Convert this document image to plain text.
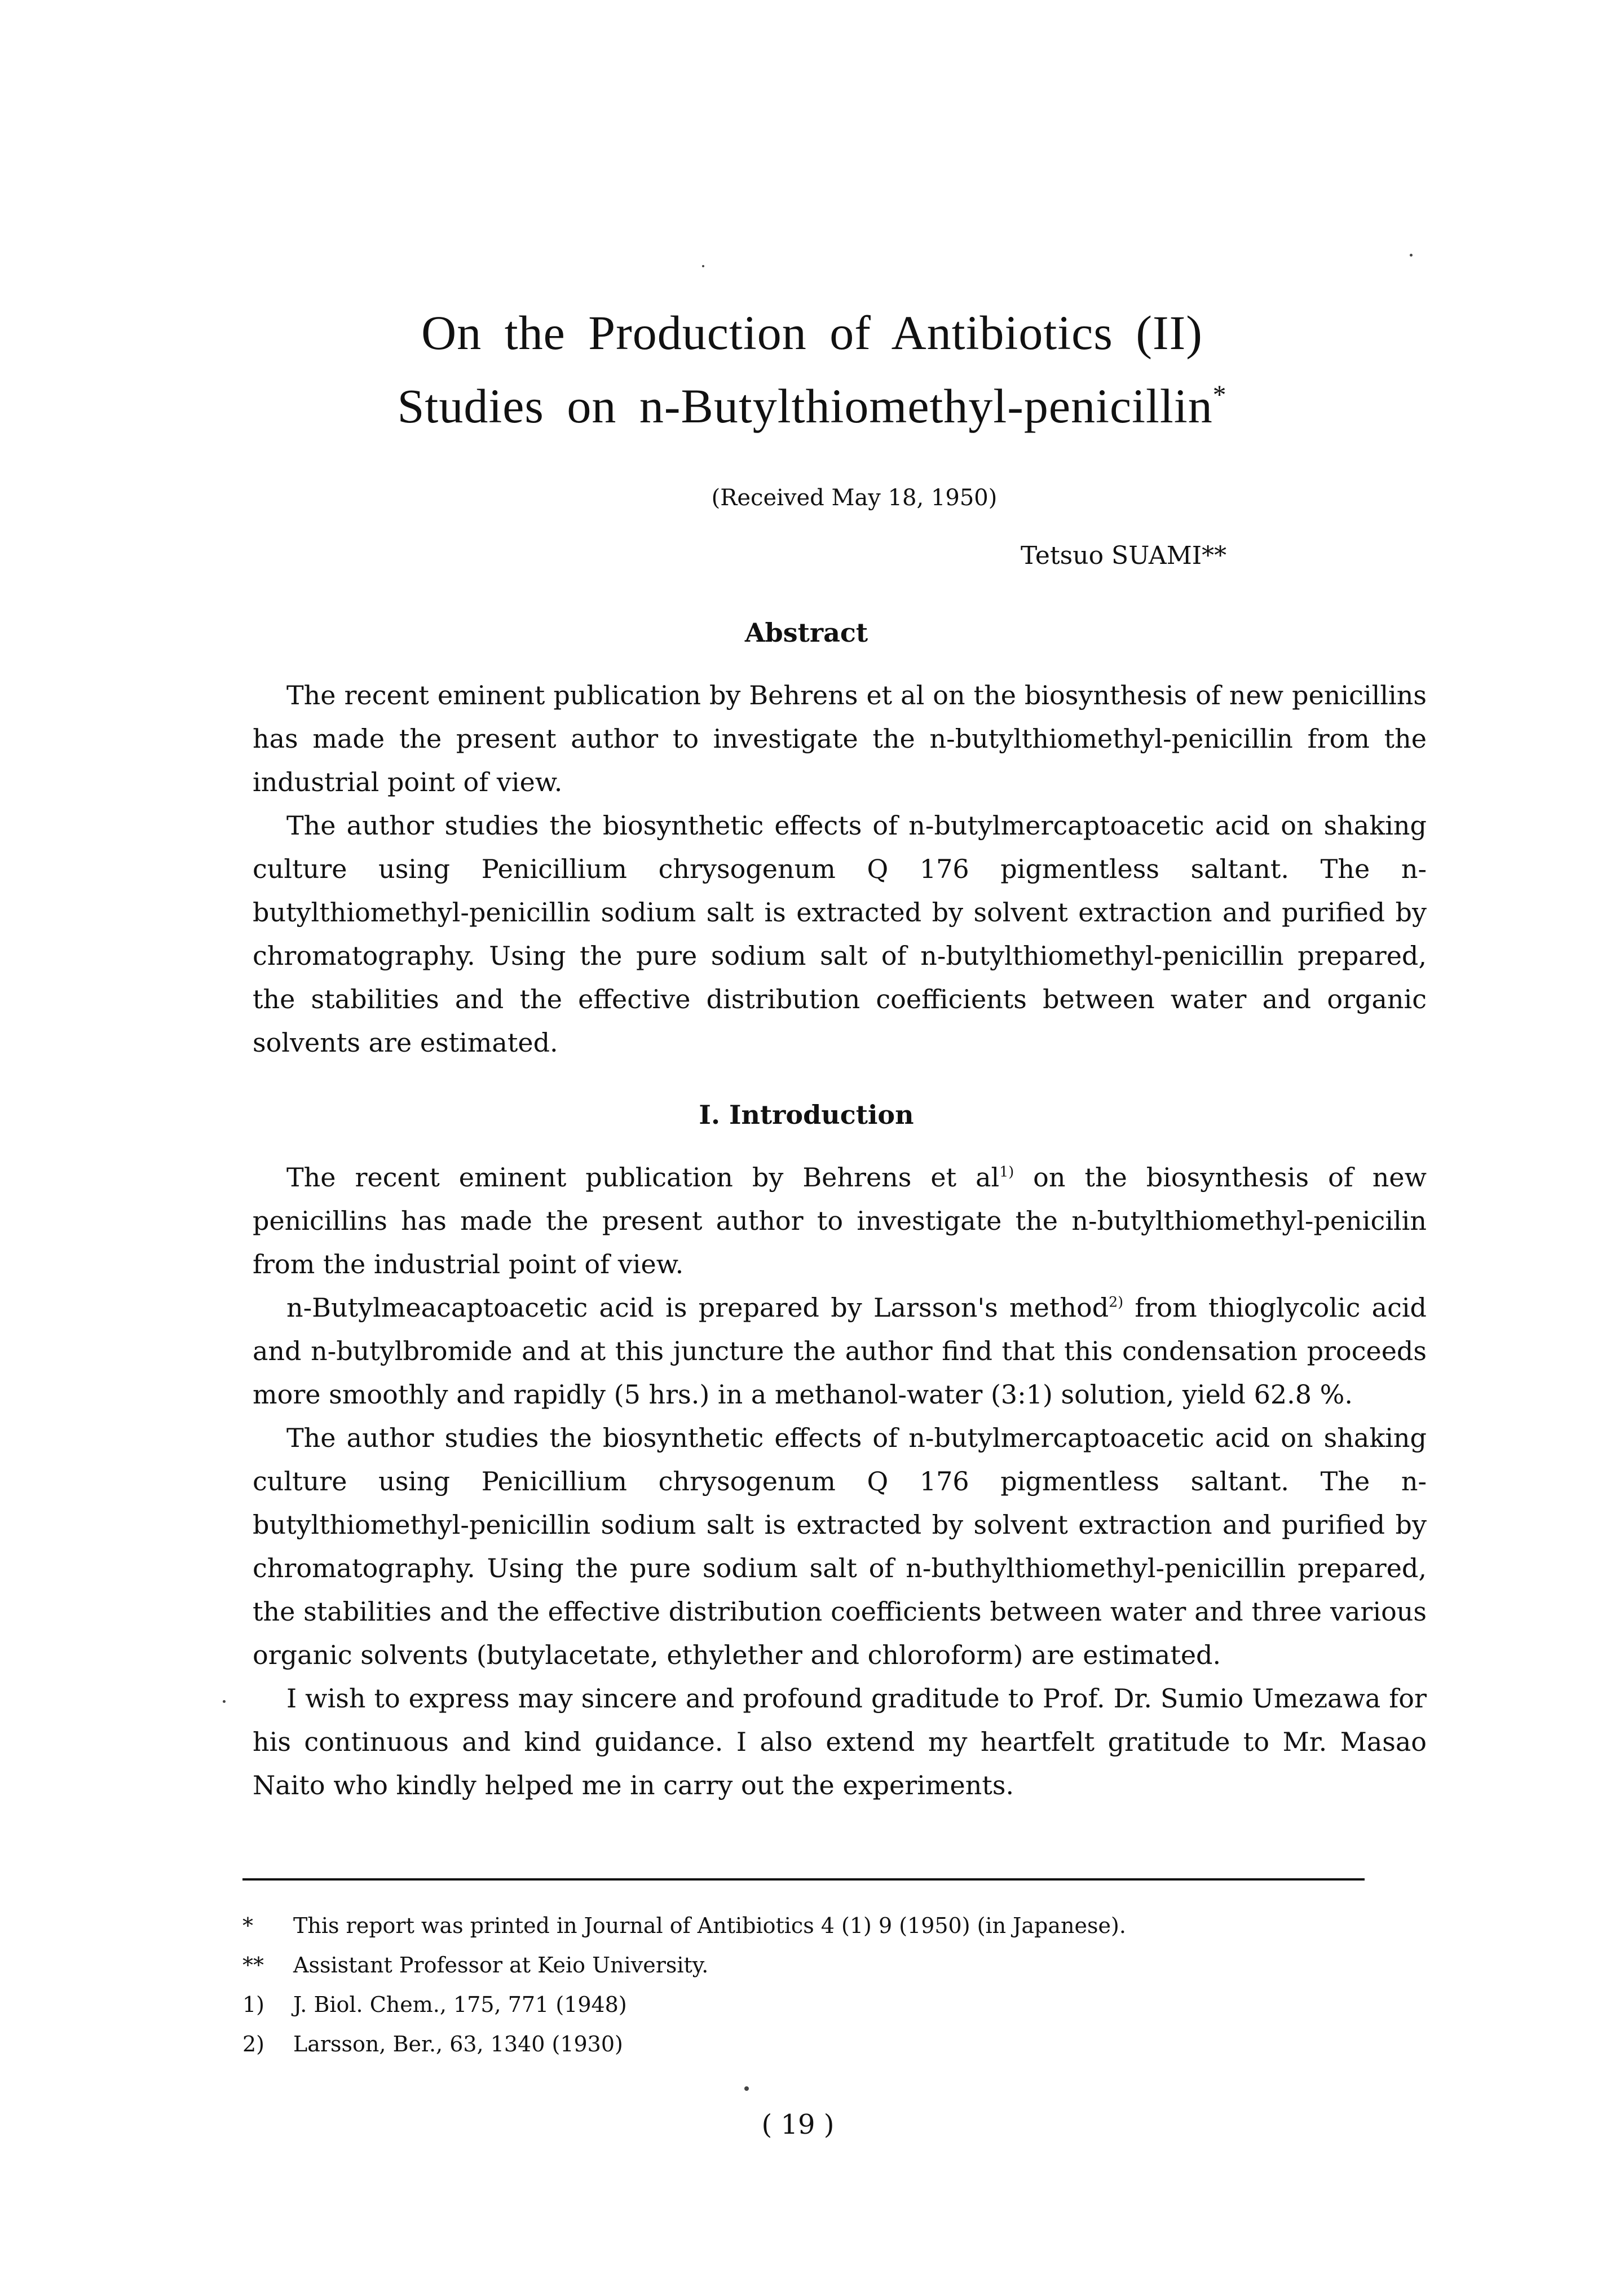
On the Production of Antibiotics (II)
Studies on n-Butylthiomethyl-penicillin*
(Received May 18, 1950)
Tetsuo SUAMI**
Abstract

The recent eminent publication by Behrens et al on the biosynthesis of new penicillins has made the present author to investigate the n-butylthiomethyl-penicillin from the industrial point of view.

The author studies the biosynthetic effects of n-butylmercaptoacetic acid on shaking culture using Penicillium chrysogenum Q 176 pigmentless saltant. The n-butylthiomethyl-penicillin sodium salt is extracted by solvent extraction and purified by chromatography. Using the pure sodium salt of n-butylthiomethyl-penicillin prepared, the stabilities and the effective distribution coefficients between water and organic solvents are estimated.

I. Introduction

The recent eminent publication by Behrens et $al^{1)}$ on the biosynthesis of new penicillins has made the present author to investigate the n-butylthiomethyl-penicilin from the industrial point of view.

n-Butylmeacaptoacetic acid is prepared by Larsson's method$^{2)}$ from thioglycolic acid and n-butylbromide and at this juncture the author find that this condensation proceeds more smoothly and rapidly (5 hrs.) in a methanol-water (3:1) solution, yield 62.8 %.

The author studies the biosynthetic effects of n-butylmercaptoacetic acid on shaking culture using Penicillium chrysogenum Q 176 pigmentless saltant. The n-butylthiomethyl-penicillin sodium salt is extracted by solvent extraction and purified by chromatography. Using the pure sodium salt of n-buthylthiomethyl-penicillin prepared, the stabilities and the effective distribution coefficients between water and three various organic solvents (butylacetate, ethylether and chloroform) are estimated.

I wish to express may sincere and profound graditude to Prof. Dr. Sumio Umezawa for his continuous and kind guidance. I also extend my heartfelt gratitude to Mr. Masao Naito who kindly helped me in carry out the experiments.

*	This report was printed in Journal of Antibiotics 4 (1) 9 (1950) (in Japanese).
**	Assistant Professor at Keio University.
1)	J. Biol. Chem., 175, 771 (1948)
2)	Larsson, Ber., 63, 1340 (1930)
( 19 )
